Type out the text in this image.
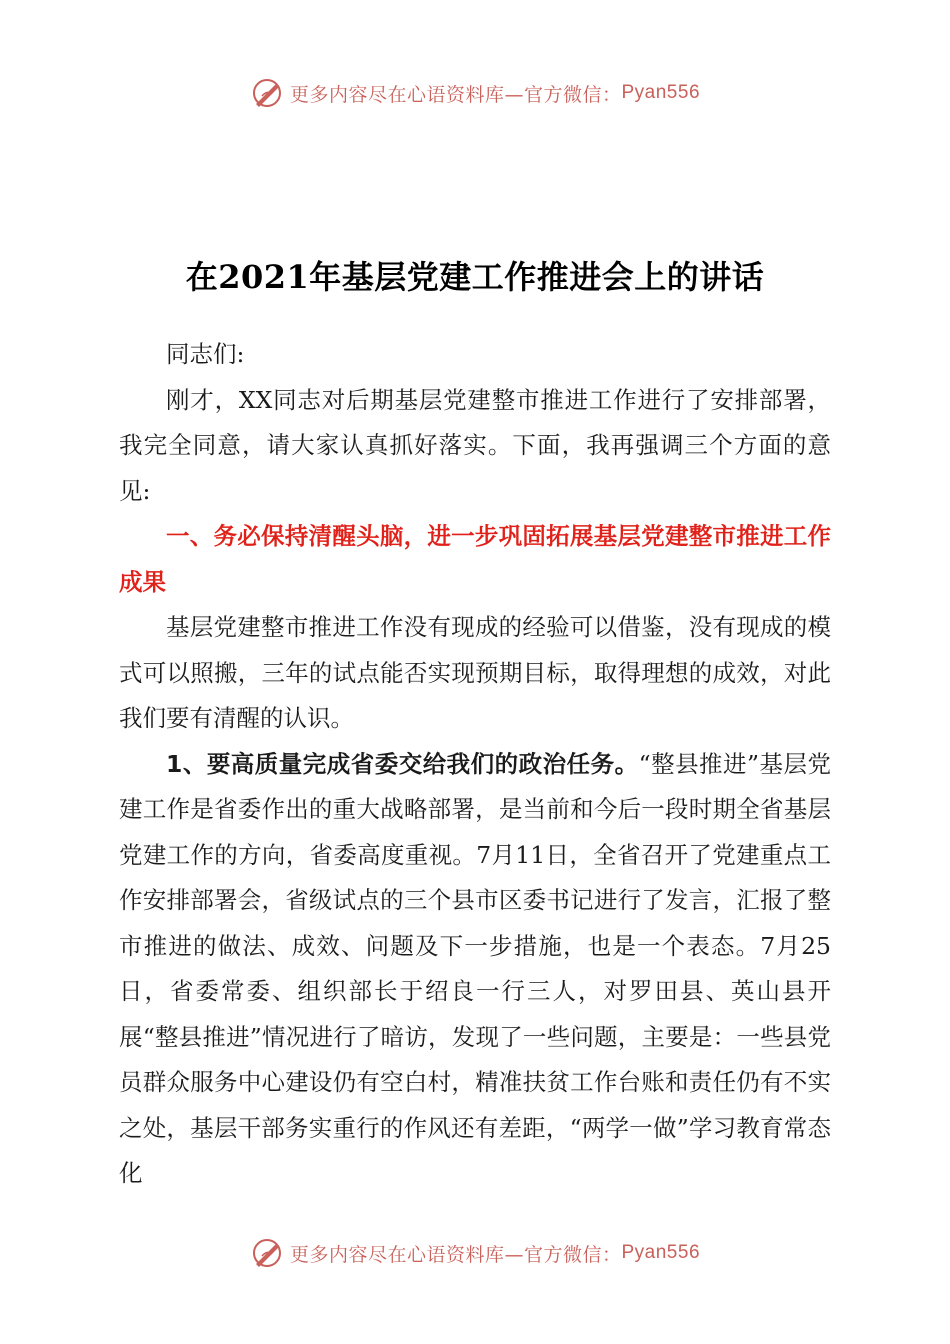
更多内容尽在心语资料库 —官方微信： Pyan556
在2021年基层党建工作推进会上的讲话

同志们:

刚才，XX同志对后期基层党建整市推进工作进行了安排部署，我完全同意，请大家认真抓好落实。下面，我再强调三个方面的意见:

一、务必保持清醒头脑，进一步巩固拓展基层党建整市推进工作成果

基层党建整市推进工作没有现成的经验可以借鉴，没有现成的模式可以照搬，三年的试点能否实现预期目标，取得理想的成效，对此我们要有清醒的认识。

1、要高质量完成省委交给我们的政治任务。“整县推进”基层党建工作是省委作出的重大战略部署，是当前和今后一段时期全省基层党建工作的方向，省委高度重视。7月11日，全省召开了党建重点工作安排部署会，省级试点的三个县市区委书记进行了发言，汇报了整市推进的做法、成效、问题及下一步措施，也是一个表态。7月25日，省委常委、组织部长于绍良一行三人，对罗田县、英山县开展“整县推进”情况进行了暗访，发现了一些问题，主要是：一些县党员群众服务中心建设仍有空白村，精准扶贫工作台账和责任仍有不实之处，基层干部务实重行的作风还有差距，“两学一做”学习教育常态化

更多内容尽在心语资料库 —官方微信： Pyan556
